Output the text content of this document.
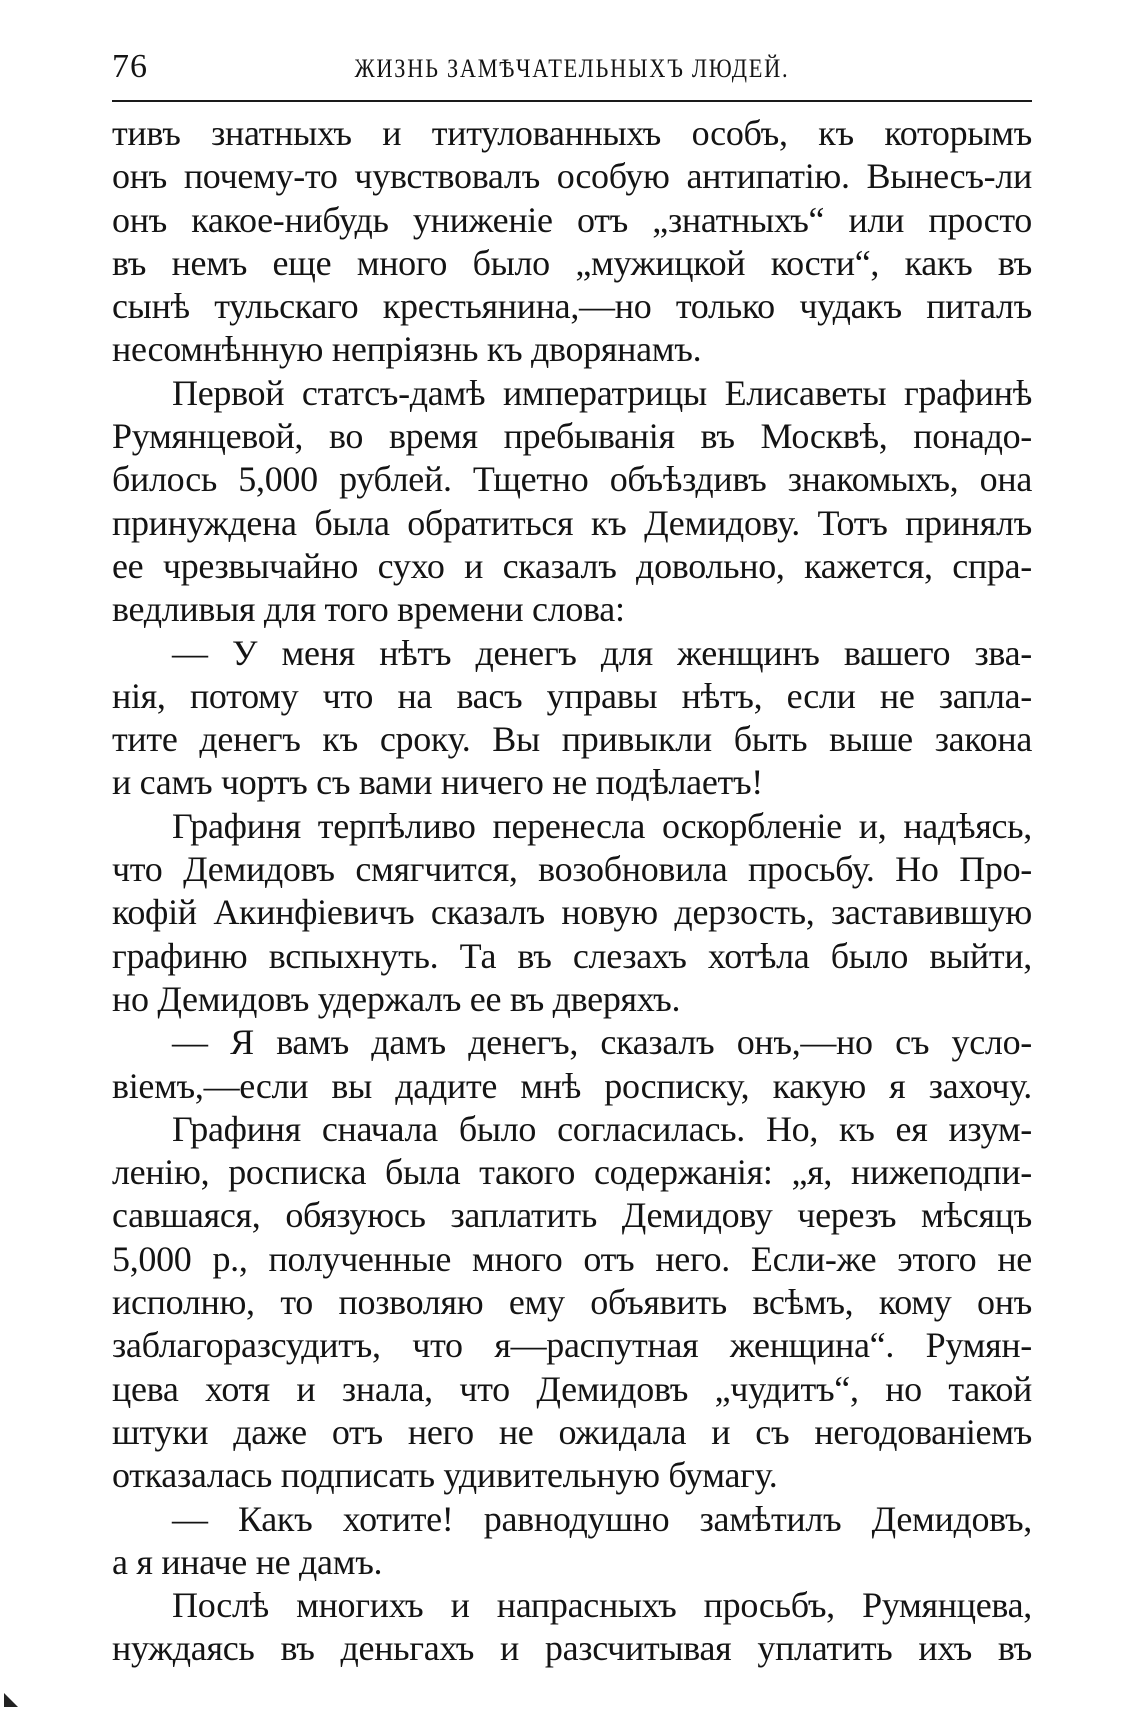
76	ЖИЗНЬ ЗАМѢЧАТЕЛЬНЫХЪ ЛЮДЕЙ.
тивъ знатныхъ и титулованныхъ особъ, къ которымъ
онъ почему-то чувствовалъ особую антипатію. Вынесъ-ли
онъ какое-нибудь униженіе отъ „знатныхъ“ или просто
въ немъ еще много было „мужицкой кости“, какъ въ
сынѣ тульскаго крестьянина,—но только чудакъ питалъ
несомнѣнную непріязнь къ дворянамъ.
Первой статсъ-дамѣ императрицы Елисаветы графинѣ
Румянцевой, во время пребыванія въ Москвѣ, понадо-
билось 5,000 рублей. Тщетно объѣздивъ знакомыхъ, она
принуждена была обратиться къ Демидову. Тотъ принялъ
ее чрезвычайно сухо и сказалъ довольно, кажется, спра-
ведливыя для того времени слова:
— У меня нѣтъ денегъ для женщинъ вашего зва-
нія, потому что на васъ управы нѣтъ, если не запла-
тите денегъ къ сроку. Вы привыкли быть выше закона
и самъ чортъ съ вами ничего не подѣлаетъ!
Графиня терпѣливо перенесла оскорбленіе и, надѣясь,
что Демидовъ смягчится, возобновила просьбу. Но Про-
кофій Акинфіевичъ сказалъ новую дерзость, заставившую
графиню вспыхнуть. Та въ слезахъ хотѣла было выйти,
но Демидовъ удержалъ ее въ дверяхъ.
— Я вамъ дамъ денегъ, сказалъ онъ,—но съ усло-
віемъ,—если вы дадите мнѣ росписку, какую я захочу.
Графиня сначала было согласилась. Но, къ ея изум-
ленію, росписка была такого содержанія: „я, нижеподпи-
савшаяся, обязуюсь заплатить Демидову черезъ мѣсяцъ
5,000 р., полученные много отъ него. Если-же этого не
исполню, то позволяю ему объявить всѣмъ, кому онъ
заблагоразсудитъ, что я—распутная женщина“. Румян-
цева хотя и знала, что Демидовъ „чудитъ“, но такой
штуки даже отъ него не ожидала и съ негодованіемъ
отказалась подписать удивительную бумагу.
— Какъ хотите! равнодушно замѣтилъ Демидовъ,
а я иначе не дамъ.
Послѣ многихъ и напрасныхъ просьбъ, Румянцева,
нуждаясь въ деньгахъ и разсчитывая уплатить ихъ въ
